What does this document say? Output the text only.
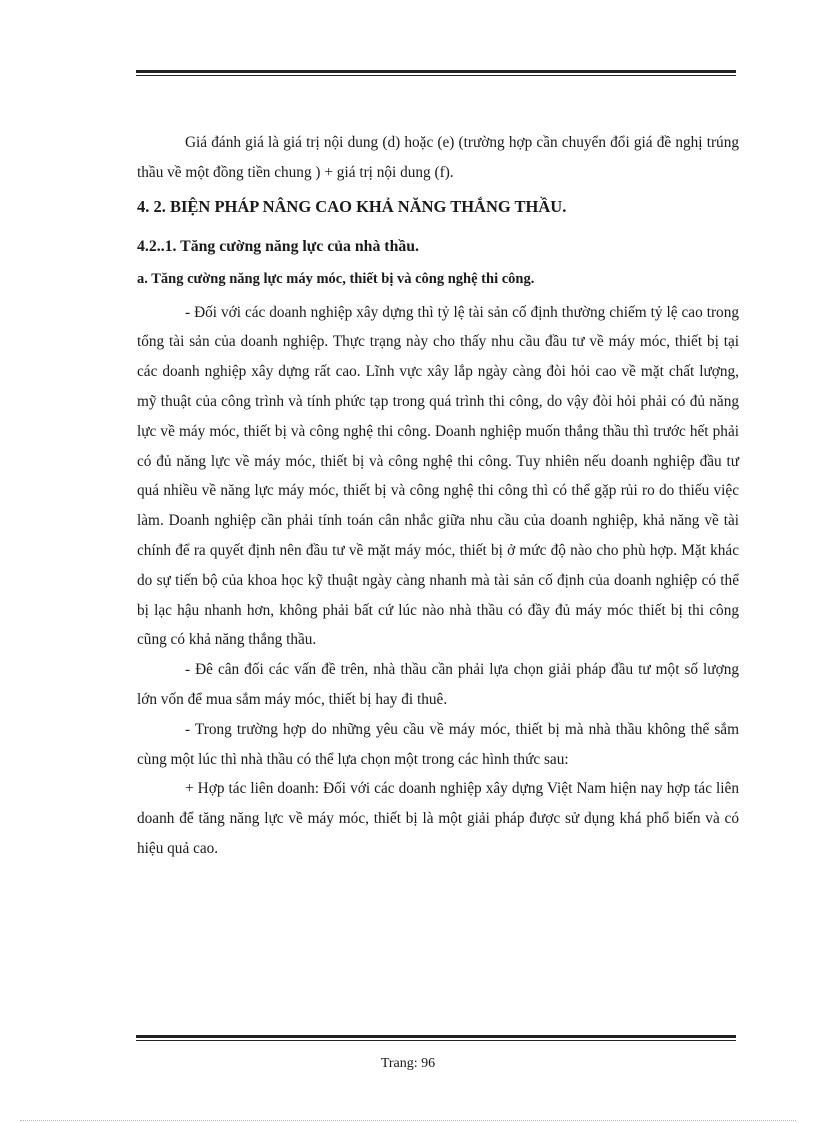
Giá đánh giá là giá trị nội dung (d) hoặc (e) (trường hợp cần chuyển đổi giá đề nghị trúng thầu về một đồng tiền chung ) + giá trị nội dung (f).

4. 2. BIỆN PHÁP NÂNG CAO KHẢ NĂNG THẮNG THẦU.
4.2..1. Tăng cường năng lực của nhà thầu.
a. Tăng cường năng lực máy móc, thiết bị và công nghệ thi công.

- Đối với các doanh nghiệp xây dựng thì tỷ lệ tài sản cố định thường chiếm tỷ lệ cao trong tổng tài sản của doanh nghiệp. Thực trạng này cho thấy nhu cầu đầu tư về máy móc, thiết bị tại các doanh nghiệp xây dựng rất cao. Lĩnh vực xây lắp ngày càng đòi hỏi cao về mặt chất lượng, mỹ thuật của công trình và tính phức tạp trong quá trình thi công, do vậy đòi hỏi phải có đủ năng lực về máy móc, thiết bị và công nghệ thi công. Doanh nghiệp muốn thắng thầu thì trước hết phải có đủ năng lực về máy móc, thiết bị và công nghệ thi công. Tuy nhiên nếu doanh nghiệp đầu tư quá nhiều về năng lực máy móc, thiết bị và công nghệ thi công thì có thể gặp rủi ro do thiếu việc làm. Doanh nghiệp cần phải tính toán cân nhắc giữa nhu cầu của doanh nghiệp, khả năng về tài chính để ra quyết định nên đầu tư về mặt máy móc, thiết bị ở mức độ nào cho phù hợp. Mặt khác do sự tiến bộ của khoa học kỹ thuật ngày càng nhanh mà tài sản cố định của doanh nghiệp có thể bị lạc hậu nhanh hơn, không phải bất cứ lúc nào nhà thầu có đầy đủ máy móc thiết bị thi công cũng có khả năng thắng thầu.

- Đê cân đối các vấn đề trên, nhà thầu cần phải lựa chọn giải pháp đầu tư một số lượng lớn vốn để mua sắm máy móc, thiết bị hay đi thuê.

- Trong trường hợp do những yêu cầu về máy móc, thiết bị mà nhà thầu không thể sắm cùng một lúc thì nhà thầu có thể lựa chọn một trong các hình thức sau:

+ Hợp tác liên doanh: Đối với các doanh nghiệp xây dựng Việt Nam hiện nay hợp tác liên doanh để tăng năng lực về máy móc, thiết bị là một giải pháp được sử dụng khá phổ biến và có hiệu quả cao.

Trang: 96
